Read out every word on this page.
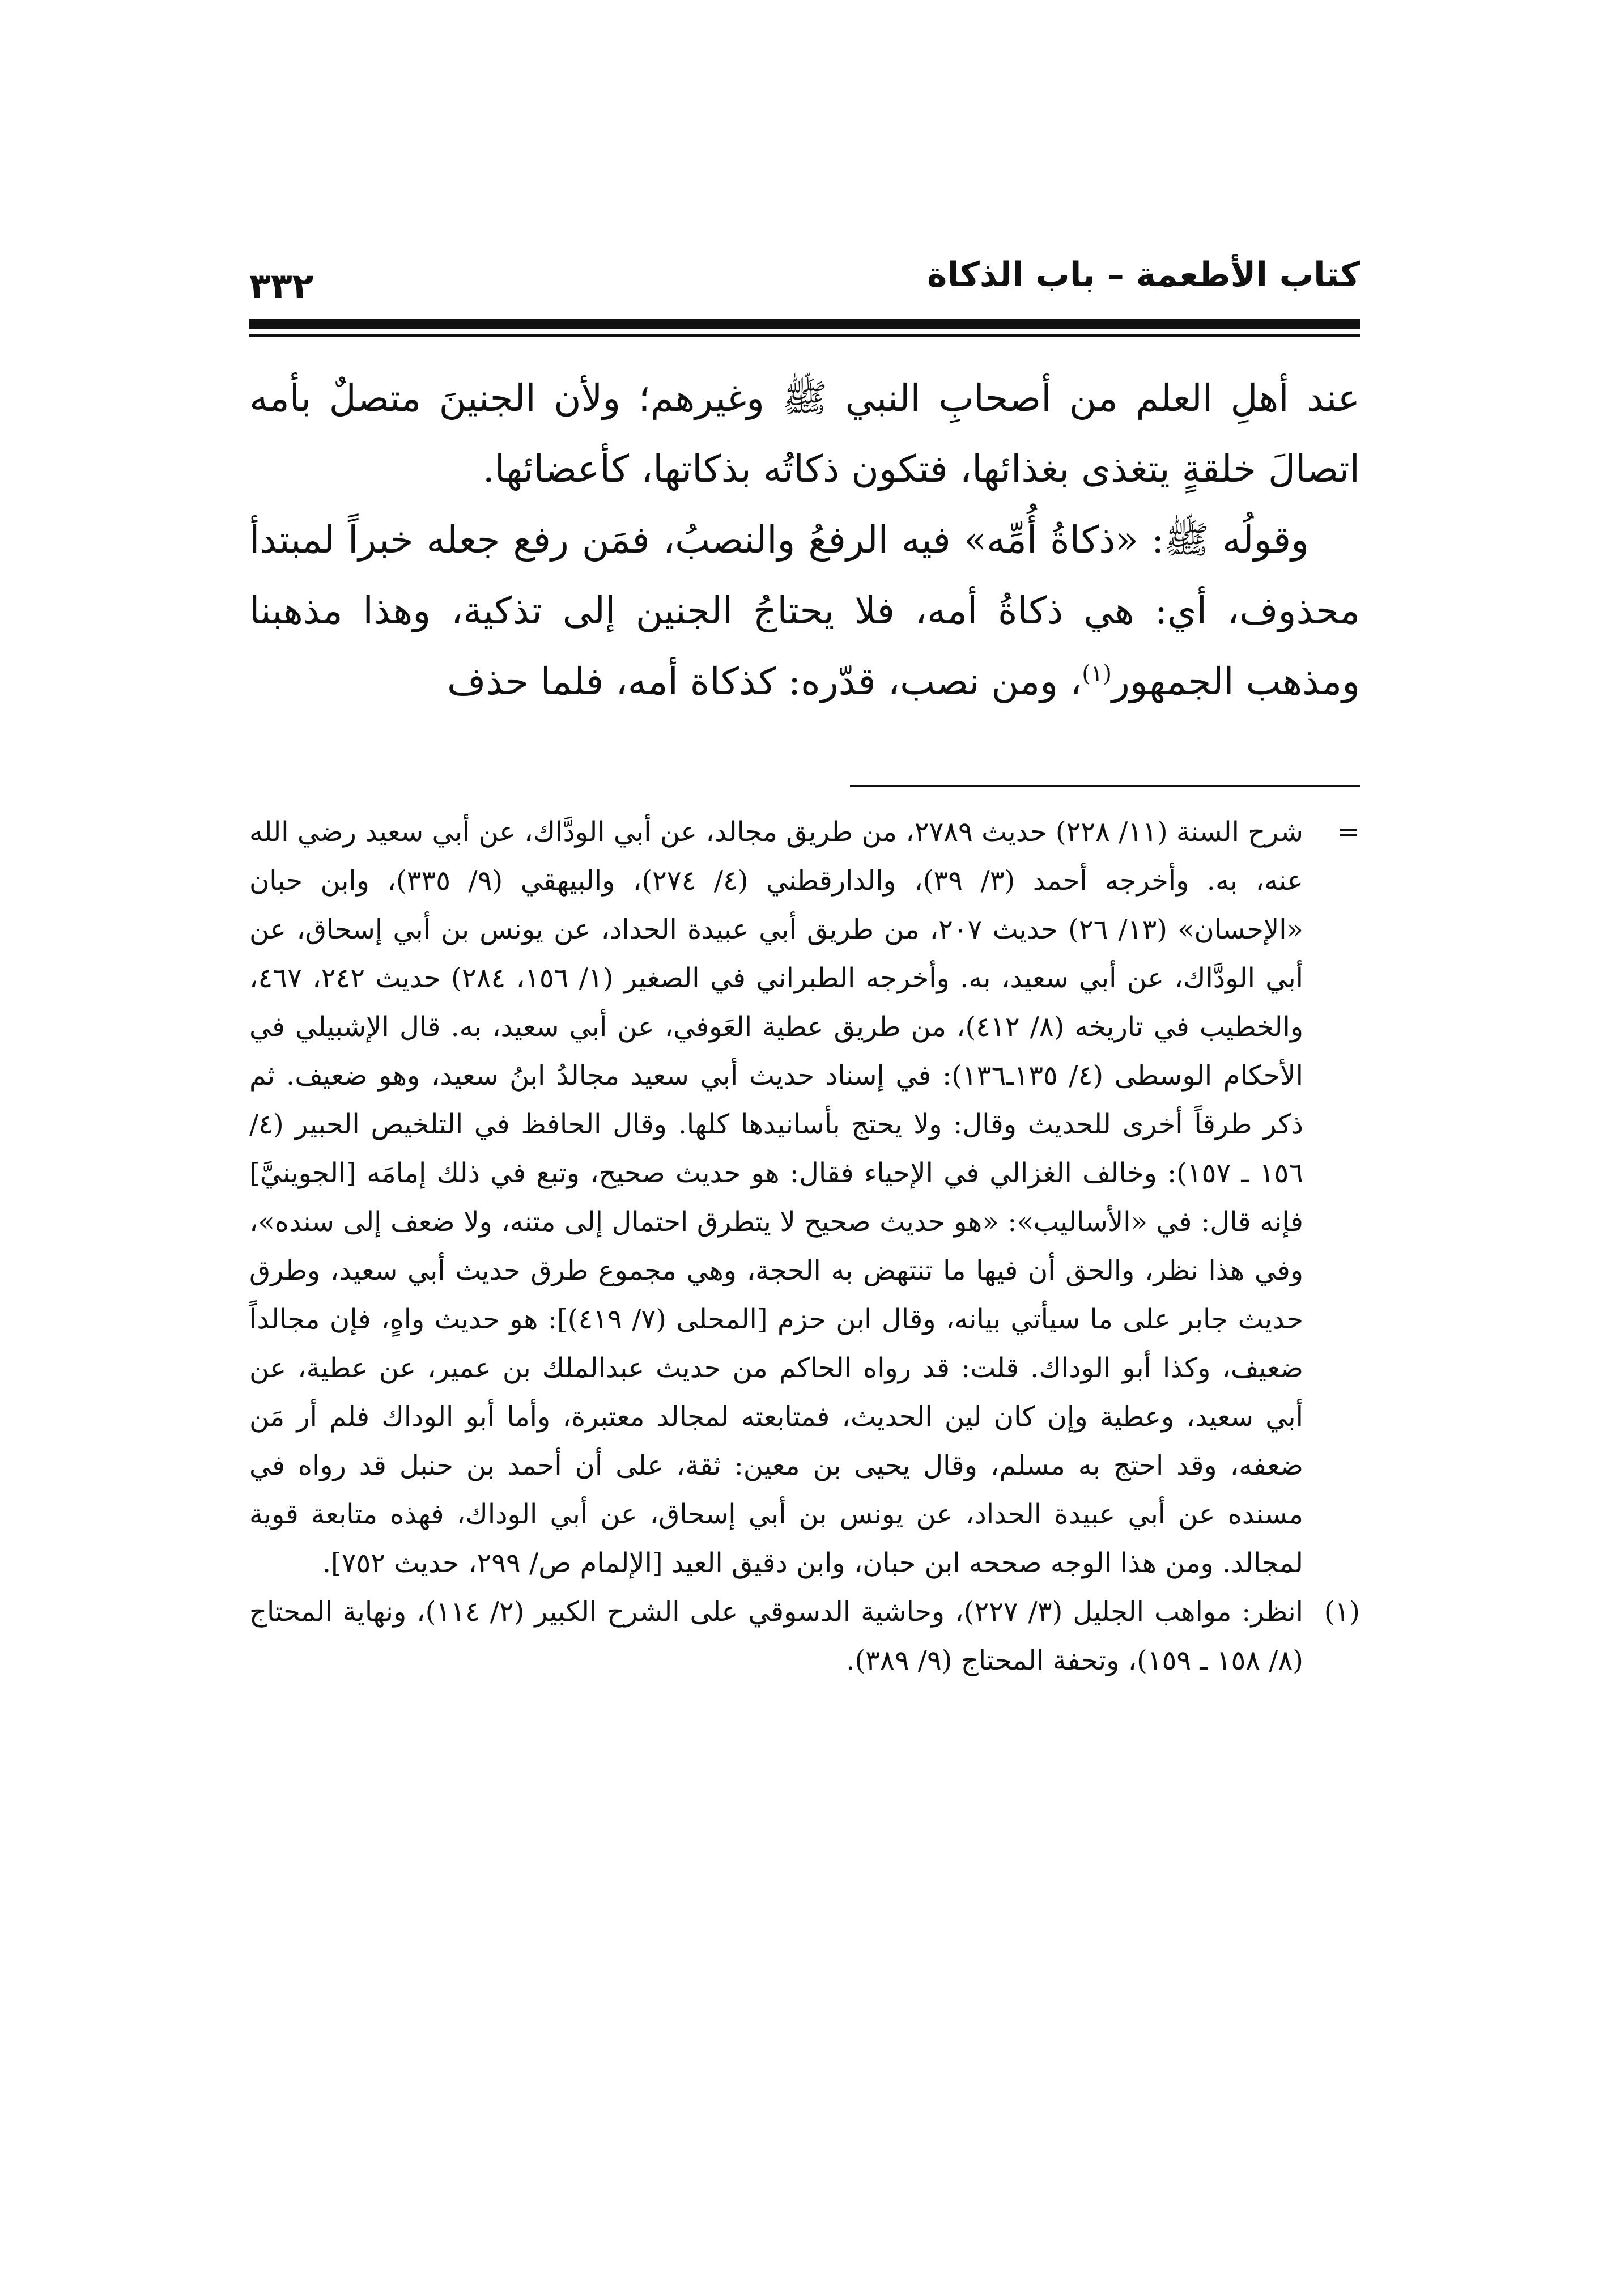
كتاب الأطعمة – باب الذكاة
٣٣٢

عند أهلِ العلم من أصحابِ النبي ﷺ وغيرهم؛ ولأن الجنينَ متصلٌ بأمه اتصالَ خلقةٍ يتغذى بغذائها، فتكون ذكاتُه بذكاتها، كأعضائها.

وقولُه ﷺ: «ذكاةُ أُمِّه» فيه الرفعُ والنصبُ، فمَن رفع جعله خبراً لمبتدأ محذوف، أي: هي ذكاةُ أمه، فلا يحتاجُ الجنين إلى تذكية، وهذا مذهبنا ومذهب الجمهور$^{(١)}$، ومن نصب، قدّره: كذكاة أمه، فلما حذف

=
شرح السنة (١١/ ٢٢٨) حديث ٢٧٨٩، من طريق مجالد، عن أبي الودَّاك، عن أبي سعيد رضي الله عنه، به. وأخرجه أحمد (٣/ ٣٩)، والدارقطني (٤/ ٢٧٤)، والبيهقي (٩/ ٣٣٥)، وابن حبان «الإحسان» (١٣/ ٢٦) حديث ٢٠٧، من طريق أبي عبيدة الحداد، عن يونس بن أبي إسحاق، عن أبي الودَّاك، عن أبي سعيد، به. وأخرجه الطبراني في الصغير (١/ ١٥٦، ٢٨٤) حديث ٢٤٢، ٤٦٧، والخطيب في تاريخه (٨/ ٤١٢)، من طريق عطية العَوفي، عن أبي سعيد، به. قال الإشبيلي في الأحكام الوسطى (٤/ ١٣٥ـ١٣٦): في إسناد حديث أبي سعيد مجالدُ ابنُ سعيد، وهو ضعيف. ثم ذكر طرقاً أخرى للحديث وقال: ولا يحتج بأسانيدها كلها. وقال الحافظ في التلخيص الحبير (٤/ ١٥٦ ـ ١٥٧): وخالف الغزالي في الإحياء فقال: هو حديث صحيح، وتبع في ذلك إمامَه [الجوينيَّ] فإنه قال: في «الأساليب»: «هو حديث صحيح لا يتطرق احتمال إلى متنه، ولا ضعف إلى سنده»، وفي هذا نظر، والحق أن فيها ما تنتهض به الحجة، وهي مجموع طرق حديث أبي سعيد، وطرق حديث جابر على ما سيأتي بيانه، وقال ابن حزم [المحلى (٧/ ٤١٩)]: هو حديث واهٍ، فإن مجالداً ضعيف، وكذا أبو الوداك. قلت: قد رواه الحاكم من حديث عبدالملك بن عمير، عن عطية، عن أبي سعيد، وعطية وإن كان لين الحديث، فمتابعته لمجالد معتبرة، وأما أبو الوداك فلم أر مَن ضعفه، وقد احتج به مسلم، وقال يحيى بن معين: ثقة، على أن أحمد بن حنبل قد رواه في مسنده عن أبي عبيدة الحداد، عن يونس بن أبي إسحاق، عن أبي الوداك، فهذه متابعة قوية لمجالد. ومن هذا الوجه صححه ابن حبان، وابن دقيق العيد [الإلمام ص/ ٢٩٩، حديث ٧٥٢].

(١)
انظر: مواهب الجليل (٣/ ٢٢٧)، وحاشية الدسوقي على الشرح الكبير (٢/ ١١٤)، ونهاية المحتاج (٨/ ١٥٨ ـ ١٥٩)، وتحفة المحتاج (٩/ ٣٨٩).
